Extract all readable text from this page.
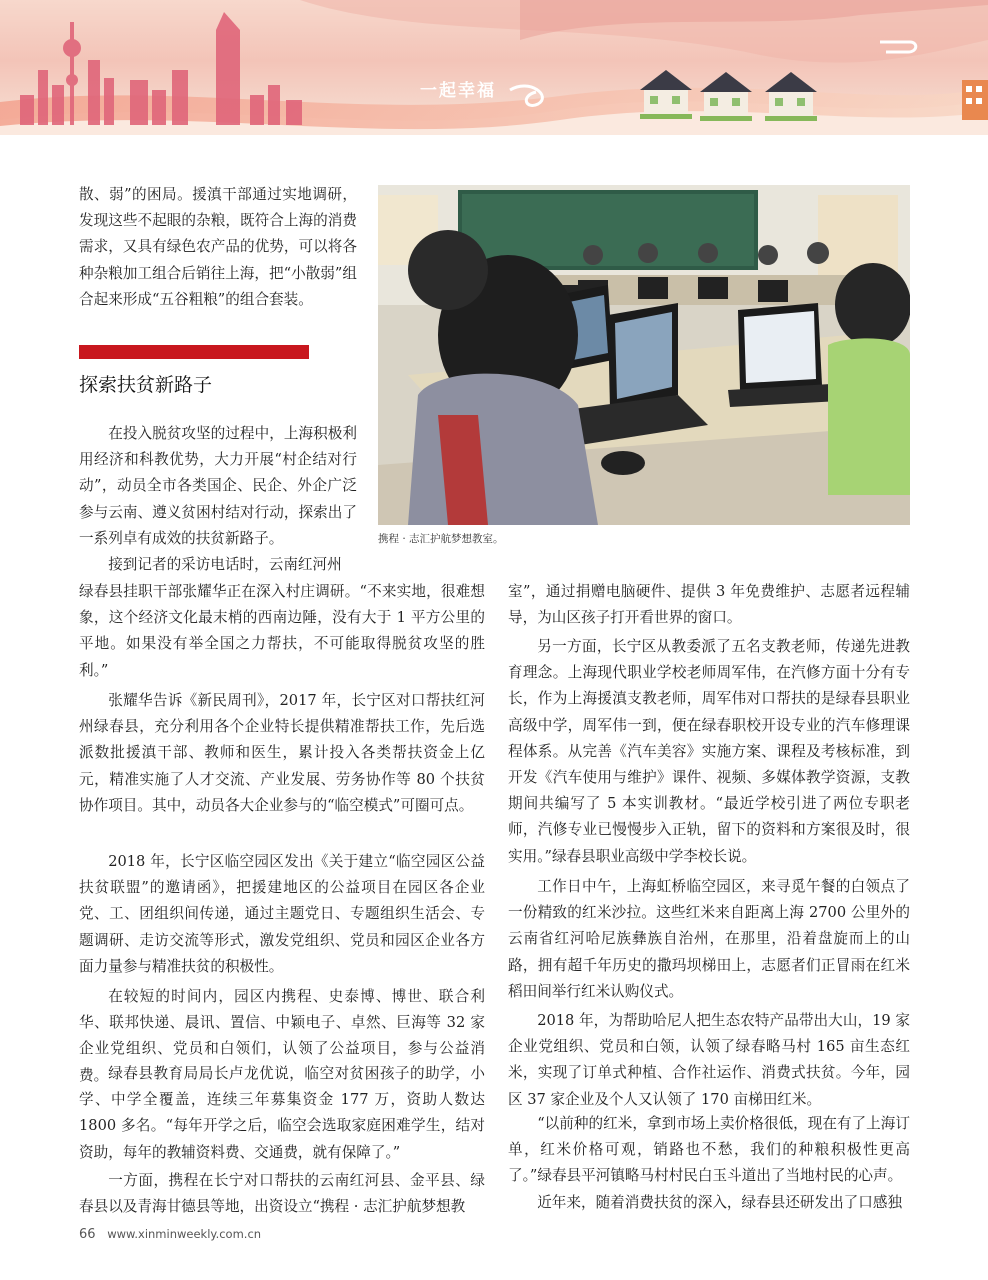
一起幸福

散、弱”的困局。援滇干部通过实地调研，发现这些不起眼的杂粮，既符合上海的消费需求，又具有绿色农产品的优势，可以将各种杂粮加工组合后销往上海，把“小散弱”组合起来形成“五谷粗粮”的组合套装。

探索扶贫新路子

在投入脱贫攻坚的过程中，上海积极利用经济和科教优势，大力开展“村企结对行动”，动员全市各类国企、民企、外企广泛参与云南、遵义贫困村结对行动，探索出了一系列卓有成效的扶贫新路子。

接到记者的采访电话时，云南红河州

携程 · 志汇护航梦想教室。

绿春县挂职干部张耀华正在深入村庄调研。“不来实地，很难想象，这个经济文化最末梢的西南边陲，没有大于 1 平方公里的平地。如果没有举全国之力帮扶，不可能取得脱贫攻坚的胜利。”

张耀华告诉《新民周刊》，2017 年，长宁区对口帮扶红河州绿春县，充分利用各个企业特长提供精准帮扶工作，先后选派数批援滇干部、教师和医生，累计投入各类帮扶资金上亿元，精准实施了人才交流、产业发展、劳务协作等 80 个扶贫协作项目。其中，动员各大企业参与的“临空模式”可圈可点。

2018 年，长宁区临空园区发出《关于建立“临空园区公益扶贫联盟”的邀请函》，把援建地区的公益项目在园区各企业党、工、团组织间传递，通过主题党日、专题组织生活会、专题调研、走访交流等形式，激发党组织、党员和园区企业各方面力量参与精准扶贫的积极性。

在较短的时间内，园区内携程、史泰博、博世、联合利华、联邦快递、晨讯、置信、中颖电子、卓然、巨海等 32 家企业党组织、党员和白领们，认领了公益项目，参与公益消费。 绿春县教育局局长卢龙优说，临空对贫困孩子的助学，小学、中学全覆盖，连续三年募集资金 177 万，资助人数达 1800 多名。“每年开学之后，临空会选取家庭困难学生，结对资助，每年的教辅资料费、交通费，就有保障了。”

一方面，携程在长宁对口帮扶的云南红河县、金平县、绿春县以及青海甘德县等地，出资设立“携程 · 志汇护航梦想教

室”，通过捐赠电脑硬件、提供 3 年免费维护、志愿者远程辅导，为山区孩子打开看世界的窗口。

另一方面，长宁区从教委派了五名支教老师，传递先进教育理念。上海现代职业学校老师周军伟，在汽修方面十分有专长，作为上海援滇支教老师，周军伟对口帮扶的是绿春县职业高级中学，周军伟一到，便在绿春职校开设专业的汽车修理课程体系。从完善《汽车美容》实施方案、课程及考核标准，到开发《汽车使用与维护》课件、视频、多媒体教学资源，支教期间共编写了 5 本实训教材。“最近学校引进了两位专职老师，汽修专业已慢慢步入正轨，留下的资料和方案很及时，很实用。”绿春县职业高级中学李校长说。

工作日中午，上海虹桥临空园区，来寻觅午餐的白领点了一份精致的红米沙拉。这些红米来自距离上海 2700 公里外的云南省红河哈尼族彝族自治州，在那里，沿着盘旋而上的山路，拥有超千年历史的撒玛坝梯田上，志愿者们正冒雨在红米稻田间举行红米认购仪式。

2018 年，为帮助哈尼人把生态农特产品带出大山，19 家企业党组织、党员和白领，认领了绿春略马村 165 亩生态红米，实现了订单式种植、合作社运作、消费式扶贫。今年，园区 37 家企业及个人又认领了 170 亩梯田红米。

“以前种的红米，拿到市场上卖价格很低，现在有了上海订单，红米价格可观，销路也不愁，我们的种粮积极性更高了。”绿春县平河镇略马村村民白玉斗道出了当地村民的心声。

近年来，随着消费扶贫的深入，绿春县还研发出了口感独

66 www.xinminweekly.com.cn
